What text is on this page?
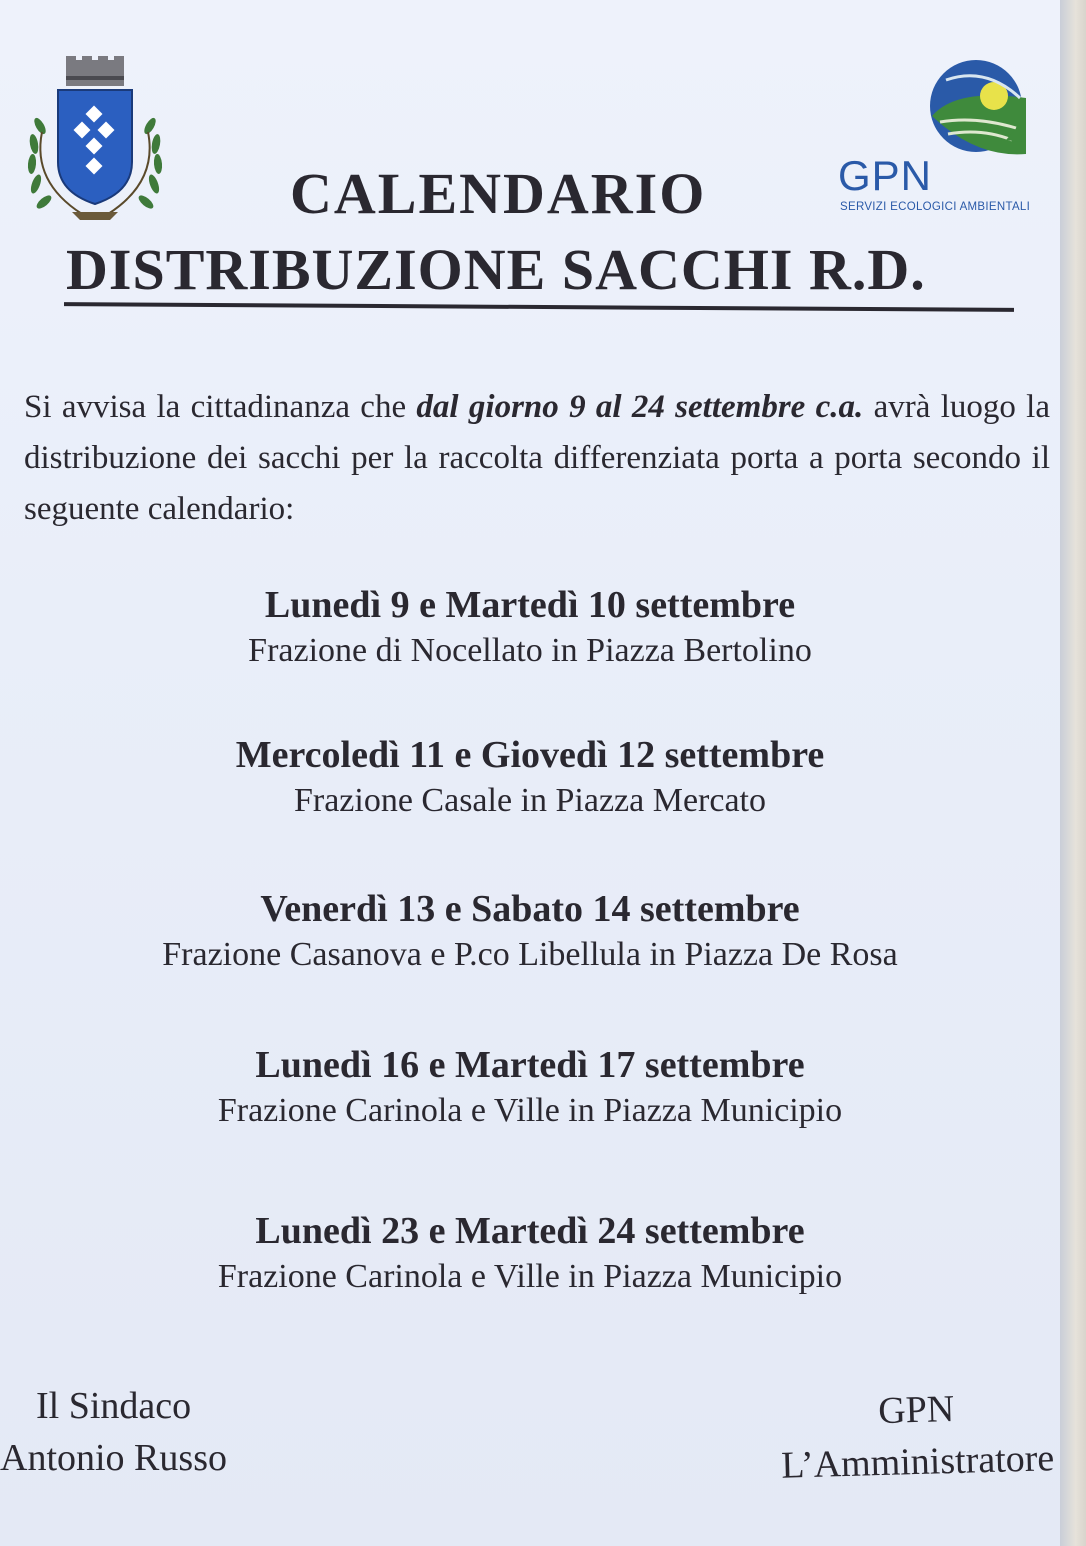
GPN
SERVIZI ECOLOGICI AMBIENTALI
CALENDARIO
DISTRIBUZIONE SACCHI R.D.
Si avvisa la cittadinanza che dal giorno 9 al 24 settembre c.a. avrà luogo la distribuzione dei sacchi per la raccolta differenziata porta a porta secondo il seguente calendario:
Lunedì 9 e Martedì 10 settembre
Frazione di Nocellato in Piazza Bertolino
Mercoledì 11 e Giovedì 12 settembre
Frazione Casale in Piazza Mercato
Venerdì 13 e Sabato 14 settembre
Frazione Casanova e P.co Libellula in Piazza De Rosa
Lunedì 16 e Martedì 17 settembre
Frazione Carinola e Ville in Piazza Municipio
Lunedì 23 e Martedì 24 settembre
Frazione Carinola e Ville in Piazza Municipio
Il Sindaco
Antonio Russo
GPN
L’Amministratore
